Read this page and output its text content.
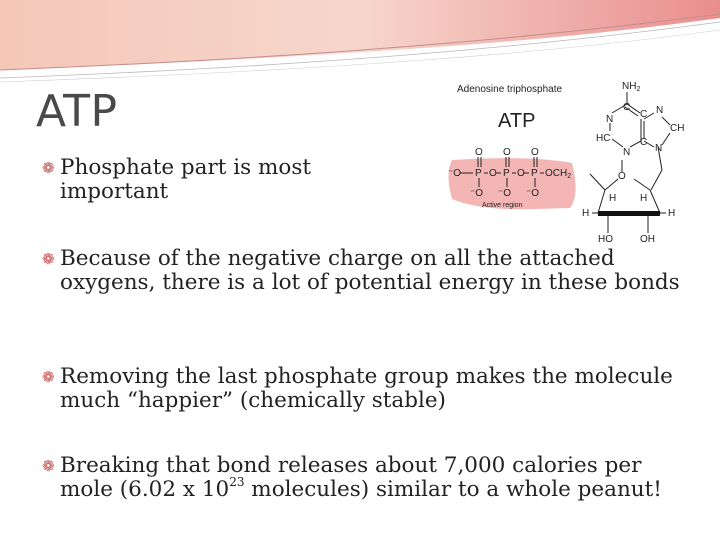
ATP
❁ Phosphate part is most important
❁ Because of the negative charge on all the attached oxygens, there is a lot of potential energy in these bonds
❁ Removing the last phosphate group makes the molecule much “happier” (chemically stable)
❁ Breaking that bond releases about 7,000 calories per mole (6.02 x $10^{23}$ molecules) similar to a whole peanut!
Adenosine triphosphate
ATP
O O O
⁻O P O P O P $OCH_2$
⁻O ⁻O ⁻O
Active region
O
H H
H	H
HO	OH
$NH_2$
C
N	C N
CH
HC	C
N
N
